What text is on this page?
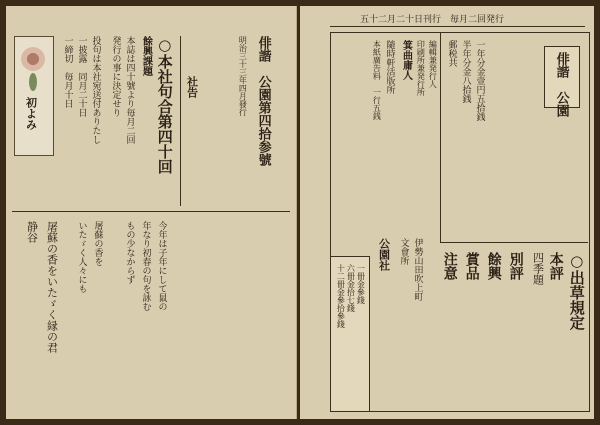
初よみ
一締切　毎月十日 一披露　同月二十日 投句は本社宛送付ありたし 発行の事に決定せり 本誌は四十號より毎月二回 餘興課題 ○本社句合第四十回 社告	明治三十三年四月發行 俳諧　公園第四拾参號
静谷 屠蘇の香をいたゞく縁の君 いたゞく人々にも 屠蘇の香を もの少なからず 年なり初春の句を詠む 今年は子年にして鼠の
五十二月二十日刊行　毎月二回発行
十二冊金參拾參錢 六冊金拾七錢 一冊金參錢
公園社 文會所 伊勢山田吹上町
本紙廣告料　一行五銭 隨時軒活版所 箕曲庸人 印刷所兼発行所 編輯兼発行人 郵税共 半年分金八拾銭 一年分金壹円五拾銭
注意 賞品 餘興 別評 四季題 本評 ○出草規定
俳諧　公園
